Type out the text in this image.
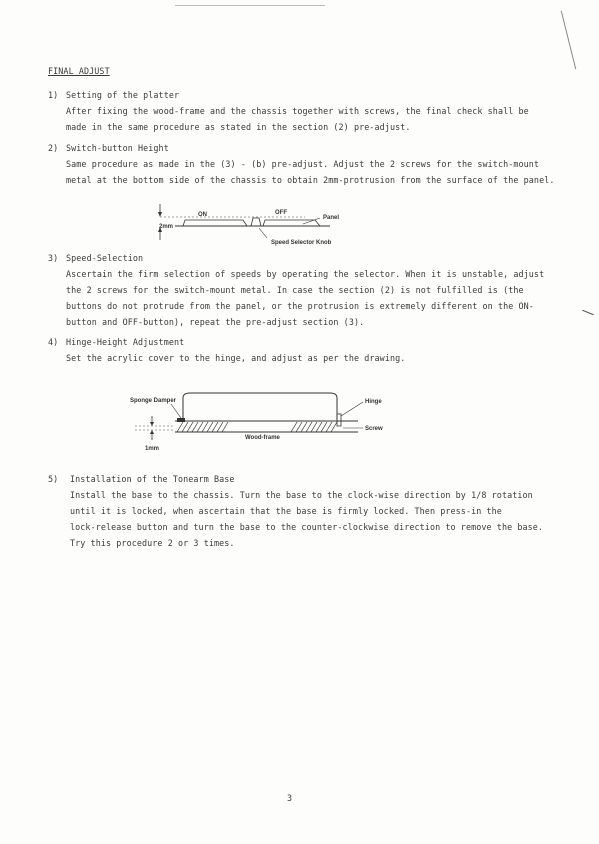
FINAL ADJUST
1) Setting of the platter
After fixing the wood-frame and the chassis together with screws, the final check shall be
made in the same procedure as stated in the section (2) pre-adjust.
2) Switch-button Height
Same procedure as made in the (3) - (b) pre-adjust. Adjust the 2 screws for the switch-mount
metal at the bottom side of the chassis to obtain 2mm-protrusion from the surface of the panel.
2mm
ON	OFF
Panel
Speed Selector Knob
3) Speed-Selection
Ascertain the firm selection of speeds by operating the selector. When it is unstable, adjust
the 2 screws for the switch-mount metal. In case the section (2) is not fulfilled is (the
buttons do not protrude from the panel, or the protrusion is extremely different on the ON-
button and OFF-button), repeat the pre-adjust section (3).
4) Hinge-Height Adjustment
Set the acrylic cover to the hinge, and adjust as per the drawing.
1mm
Sponge Damper	Hinge
Screw
Wood-frame
5) Installation of the Tonearm Base
Install the base to the chassis. Turn the base to the clock-wise direction by 1/8 rotation
until it is locked, when ascertain that the base is firmly locked. Then press-in the
lock-release button and turn the base to the counter-clockwise direction to remove the base.
Try this procedure 2 or 3 times.
3
